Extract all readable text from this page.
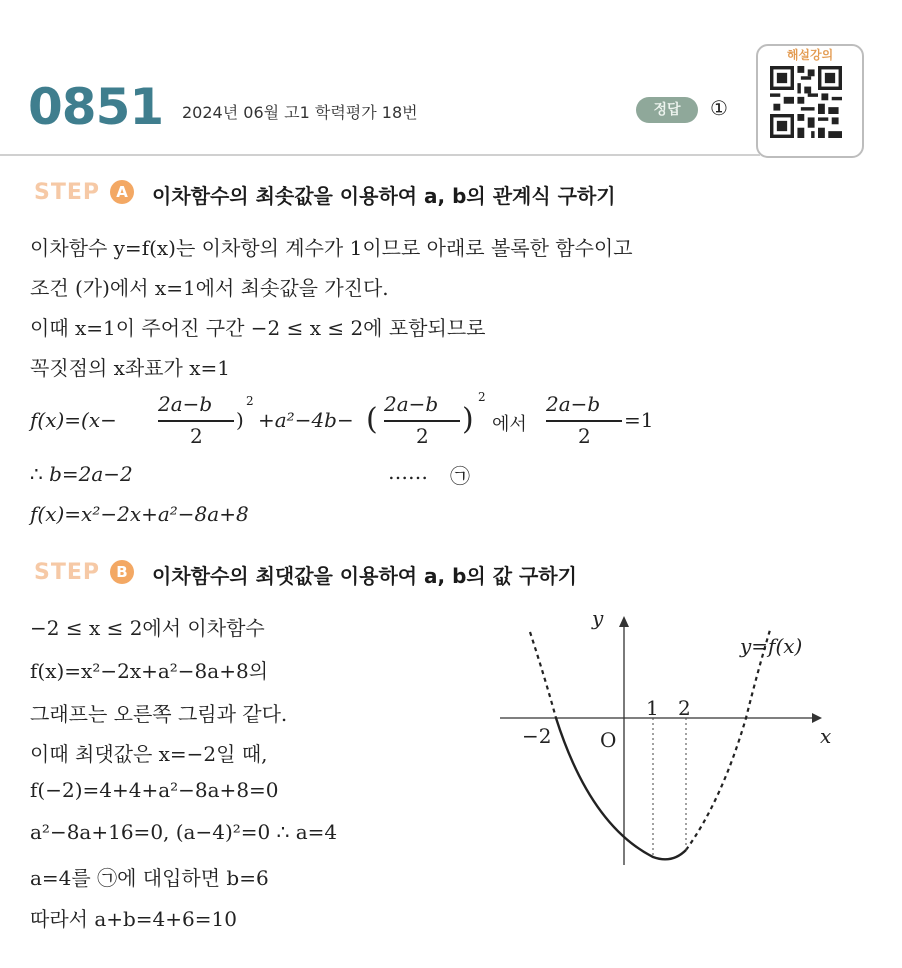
0851 2024년 06월 고1 학력평가 18번	정답	①
해설강의
STEP	A	이차함수의 최솟값을 이용하여 a, b의 관계식 구하기
이차함수 y=f(x)는 이차항의 계수가 1이므로 아래로 볼록한 함수이고
조건 (가)에서 x=1에서 최솟값을 가진다.
이때 x=1이 주어진 구간 −2 ≤ x ≤ 2에 포함되므로
꼭짓점의 x좌표가 x=1
f(x)=(x−
2a−b
2
)
2
+a²−4b− ( 2a−b
2 )
2
에서
2a−b
2
=1
∴ b=2a−2	…… ㉠
f(x)=x²−2x+a²−8a+8
STEP	B	이차함수의 최댓값을 이용하여 a, b의 값 구하기
−2 ≤ x ≤ 2에서 이차함수
f(x)=x²−2x+a²−8a+8의
그래프는 오른쪽 그림과 같다.
이때 최댓값은 x=−2일 때,
f(−2)=4+4+a²−8a+8=0
a²−8a+16=0, (a−4)²=0 ∴ a=4
a=4를 ㉠에 대입하면 b=6
따라서 a+b=4+6=10
y
x
O
−2
1 2
y=f(x)
